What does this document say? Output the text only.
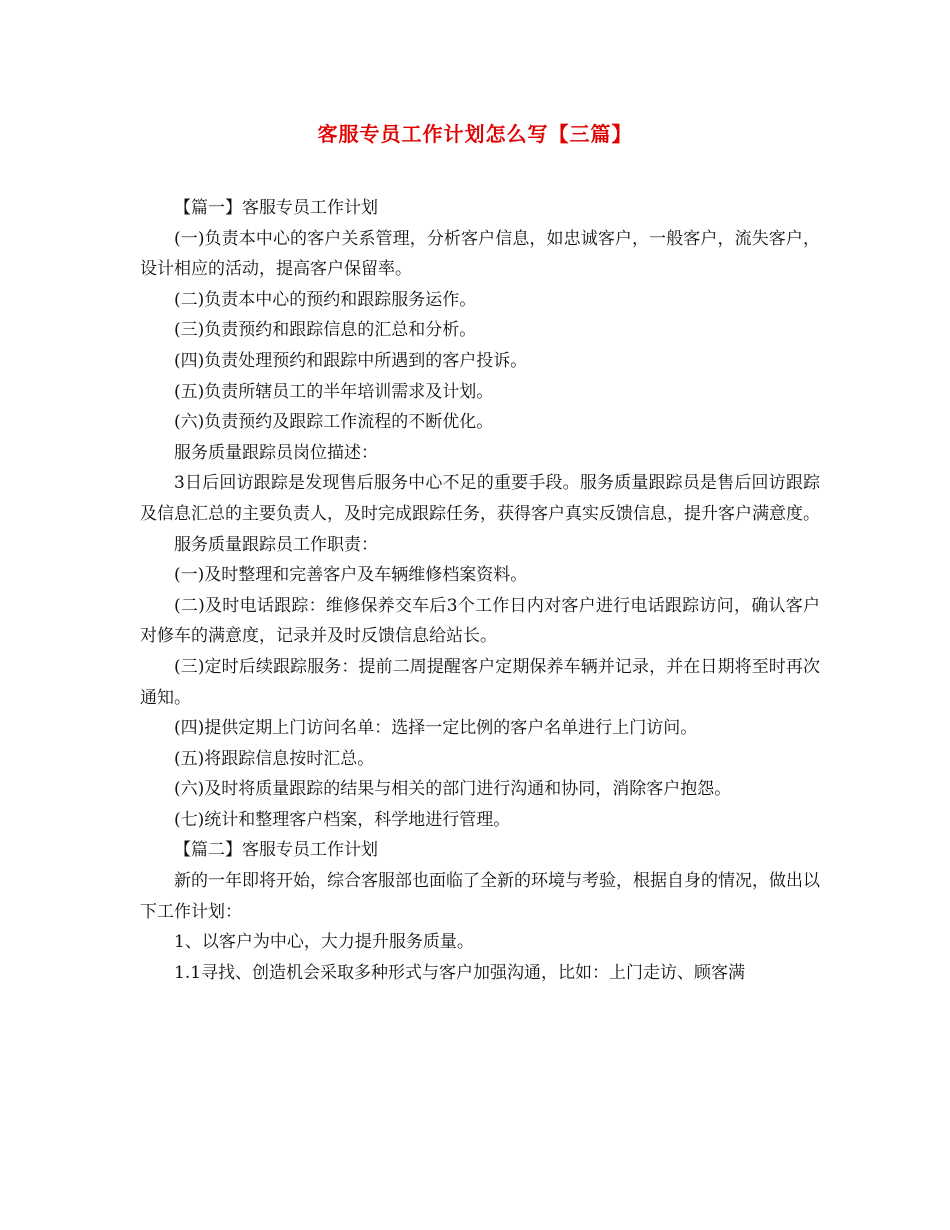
客服专员工作计划怎么写【三篇】

【篇一】客服专员工作计划

(一)负责本中心的客户关系管理，分析客户信息，如忠诚客户，一般客户，流失客户，设计相应的活动，提高客户保留率。

(二)负责本中心的预约和跟踪服务运作。

(三)负责预约和跟踪信息的汇总和分析。

(四)负责处理预约和跟踪中所遇到的客户投诉。

(五)负责所辖员工的半年培训需求及计划。

(六)负责预约及跟踪工作流程的不断优化。

服务质量跟踪员岗位描述：

3日后回访跟踪是发现售后服务中心不足的重要手段。服务质量跟踪员是售后回访跟踪及信息汇总的主要负责人，及时完成跟踪任务，获得客户真实反馈信息，提升客户满意度。

服务质量跟踪员工作职责：

(一)及时整理和完善客户及车辆维修档案资料。

(二)及时电话跟踪：维修保养交车后3个工作日内对客户进行电话跟踪访问，确认客户对修车的满意度，记录并及时反馈信息给站长。

(三)定时后续跟踪服务：提前二周提醒客户定期保养车辆并记录，并在日期将至时再次通知。

(四)提供定期上门访问名单：选择一定比例的客户名单进行上门访问。

(五)将跟踪信息按时汇总。

(六)及时将质量跟踪的结果与相关的部门进行沟通和协同，消除客户抱怨。

(七)统计和整理客户档案，科学地进行管理。

【篇二】客服专员工作计划

新的一年即将开始，综合客服部也面临了全新的环境与考验，根据自身的情况，做出以下工作计划：

1、以客户为中心，大力提升服务质量。

1.1寻找、创造机会采取多种形式与客户加强沟通，比如：上门走访、顾客满
